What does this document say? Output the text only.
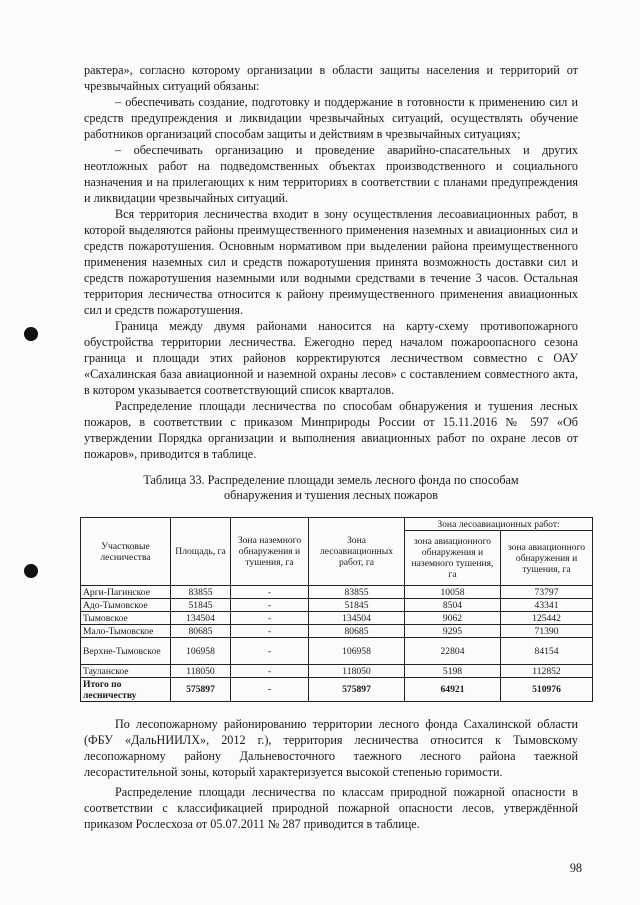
рактера», согласно которому организации в области защиты населения и территорий от чрезвычайных ситуаций обязаны:

– обеспечивать создание, подготовку и поддержание в готовности к применению сил и средств предупреждения и ликвидации чрезвычайных ситуаций, осуществлять обучение работников организаций способам защиты и действиям в чрезвычайных ситуациях;

– обеспечивать организацию и проведение аварийно-спасательных и других неотложных работ на подведомственных объектах производственного и социального назначения и на прилегающих к ним территориях в соответствии с планами предупреждения и ликвидации чрезвычайных ситуаций.

Вся территория лесничества входит в зону осуществления лесоавиационных работ, в которой выделяются районы преимущественного применения наземных и авиационных сил и средств пожаротушения. Основным нормативом при выделении района преимущественного применения наземных сил и средств пожаротушения принята возможность доставки сил и средств пожаротушения наземными или водными средствами в течение 3 часов. Остальная территория лесничества относится к району преимущественного применения авиационных сил и средств пожаротушения.

Граница между двумя районами наносится на карту-схему противопожарного обустройства территории лесничества. Ежегодно перед началом пожароопасного сезона граница и площади этих районов корректируются лесничеством совместно с ОАУ «Сахалинская база авиационной и наземной охраны лесов» с составлением совместного акта, в котором указывается соответствующий список кварталов.

Распределение площади лесничества по способам обнаружения и тушения лесных пожаров, в соответствии с приказом Минприроды России от 15.11.2016 № 597 «Об утверждении Порядка организации и выполнения авиационных работ по охране лесов от пожаров», приводится в таблице.

Таблица 33. Распределение площади земель лесного фонда по способам
обнаружения и тушения лесных пожаров
Участковые лесничества	Площадь, га	Зона наземного обнаружения и тушения, га	Зона лесоавиационных работ, га	Зона лесоавиационных работ:	
				зона авиационного обнаружения и наземного тушения, га	зона авиационного обнаружения и тушения, га
Арги-Пагинское	83855	-	83855	10058	73797
Адо-Тымовское	51845	-	51845	8504	43341
Тымовское	134504	-	134504	9062	125442
Мало-Тымовское	80685	-	80685	9295	71390
Верхне-Тымовское	106958	-	106958	22804	84154
Тауланское	118050	-	118050	5198	112852
Итого по лесничеству	575897	-	575897	64921	510976

По лесопожарному районированию территории лесного фонда Сахалинской области (ФБУ «ДальНИИЛХ», 2012 г.), территория лесничества относится к Тымовскому лесопожарному району Дальневосточного таежного лесного района таежной лесорастительной зоны, который характеризуется высокой степенью горимости.

Распределение площади лесничества по классам природной пожарной опасности в соответствии с классификацией природной пожарной опасности лесов, утверждённой приказом Рослесхоза от 05.07.2011 № 287 приводится в таблице.

98
